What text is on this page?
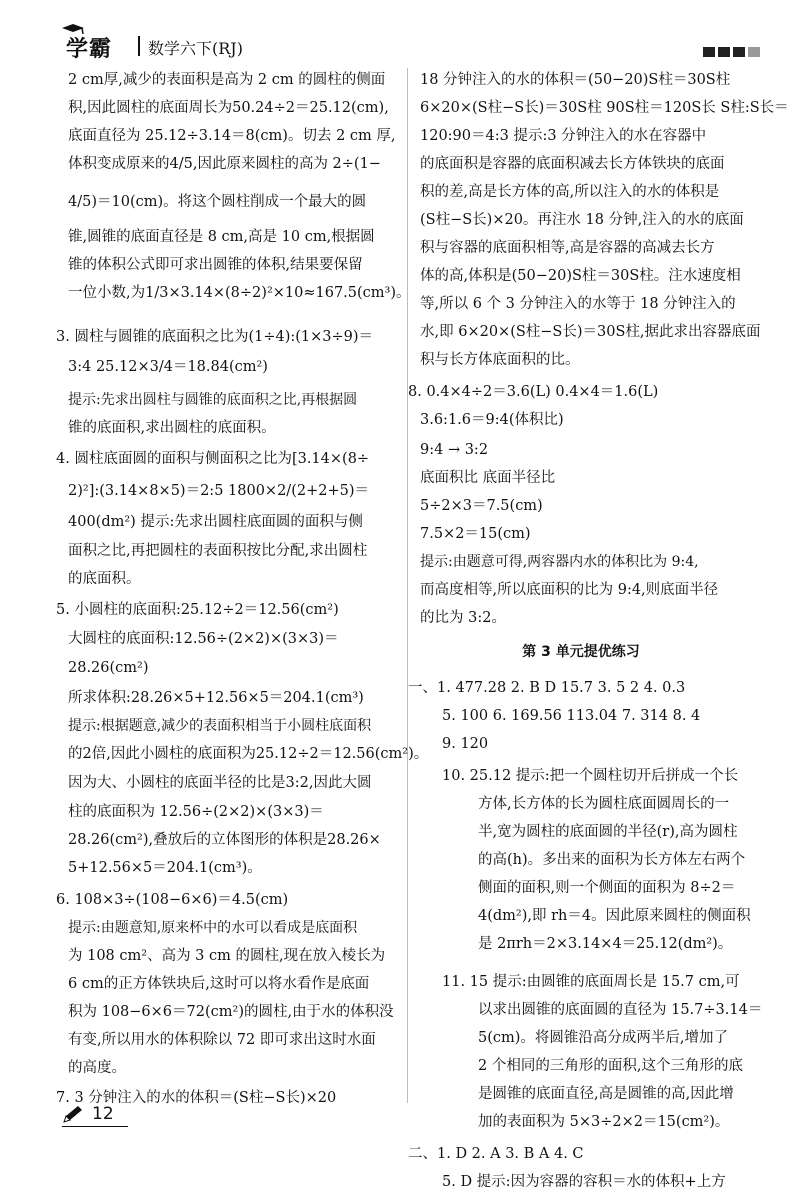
学霸 数学六下(RJ)
2 cm厚,减少的表面积是高为 2 cm 的圆柱的侧面
积,因此圆柱的底面周长为50.24÷2＝25.12(cm),
底面直径为 25.12÷3.14＝8(cm)。切去 2 cm 厚,
体积变成原来的4/5,因此原来圆柱的高为 2÷(1−
4/5)＝10(cm)。将这个圆柱削成一个最大的圆
锥,圆锥的底面直径是 8 cm,高是 10 cm,根据圆
锥的体积公式即可求出圆锥的体积,结果要保留
一位小数,为1/3×3.14×(8÷2)²×10≈167.5(cm³)。
3. 圆柱与圆锥的底面积之比为(1÷4):(1×3÷9)＝
3:4 25.12×3/4＝18.84(cm²)
提示:先求出圆柱与圆锥的底面积之比,再根据圆
锥的底面积,求出圆柱的底面积。
4. 圆柱底面圆的面积与侧面积之比为[3.14×(8÷
2)²]:(3.14×8×5)＝2:5 1800×2/(2+2+5)＝
400(dm²) 提示:先求出圆柱底面圆的面积与侧
面积之比,再把圆柱的表面积按比分配,求出圆柱
的底面积。
5. 小圆柱的底面积:25.12÷2＝12.56(cm²)
大圆柱的底面积:12.56÷(2×2)×(3×3)＝
28.26(cm²)
所求体积:28.26×5+12.56×5＝204.1(cm³)
提示:根据题意,减少的表面积相当于小圆柱底面积
的2倍,因此小圆柱的底面积为25.12÷2＝12.56(cm²)。
因为大、小圆柱的底面半径的比是3:2,因此大圆
柱的底面积为 12.56÷(2×2)×(3×3)＝
28.26(cm²),叠放后的立体图形的体积是28.26×
5+12.56×5＝204.1(cm³)。
6. 108×3÷(108−6×6)＝4.5(cm)
提示:由题意知,原来杯中的水可以看成是底面积
为 108 cm²、高为 3 cm 的圆柱,现在放入棱长为
6 cm的正方体铁块后,这时可以将水看作是底面
积为 108−6×6＝72(cm²)的圆柱,由于水的体积没
有变,所以用水的体积除以 72 即可求出这时水面
的高度。
7. 3 分钟注入的水的体积＝(S柱−S长)×20
第 3 单元提优练习
18 分钟注入的水的体积＝(50−20)S柱＝30S柱
6×20×(S柱−S长)＝30S柱 90S柱＝120S长 S柱:S长＝
120:90＝4:3 提示:3 分钟注入的水在容器中
的底面积是容器的底面积减去长方体铁块的底面
积的差,高是长方体的高,所以注入的水的体积是
(S柱−S长)×20。再注水 18 分钟,注入的水的底面
积与容器的底面积相等,高是容器的高减去长方
体的高,体积是(50−20)S柱＝30S柱。注水速度相
等,所以 6 个 3 分钟注入的水等于 18 分钟注入的
水,即 6×20×(S柱−S长)＝30S柱,据此求出容器底面
积与长方体底面积的比。
8. 0.4×4÷2＝3.6(L) 0.4×4＝1.6(L)
3.6:1.6＝9:4(体积比)
9:4 → 3:2
底面积比 底面半径比
5÷2×3＝7.5(cm)
7.5×2＝15(cm)
提示:由题意可得,两容器内水的体积比为 9:4,
而高度相等,所以底面积的比为 9:4,则底面半径
的比为 3:2。
一、1. 477.28 2. B D 15.7 3. 5 2 4. 0.3
5. 100 6. 169.56 113.04 7. 314 8. 4
9. 120
10. 25.12 提示:把一个圆柱切开后拼成一个长
方体,长方体的长为圆柱底面圆周长的一
半,宽为圆柱的底面圆的半径(r),高为圆柱
的高(h)。多出来的面积为长方体左右两个
侧面的面积,则一个侧面的面积为 8÷2＝
4(dm²),即 rh＝4。因此原来圆柱的侧面积
是 2πrh＝2×3.14×4＝25.12(dm²)。
11. 15 提示:由圆锥的底面周长是 15.7 cm,可
以求出圆锥的底面圆的直径为 15.7÷3.14＝
5(cm)。将圆锥沿高分成两半后,增加了
2 个相同的三角形的面积,这个三角形的底
是圆锥的底面直径,高是圆锥的高,因此增
加的表面积为 5×3÷2×2＝15(cm²)。
二、1. D 2. A 3. B A 4. C
5. D 提示:因为容器的容积＝水的体积+上方
12
